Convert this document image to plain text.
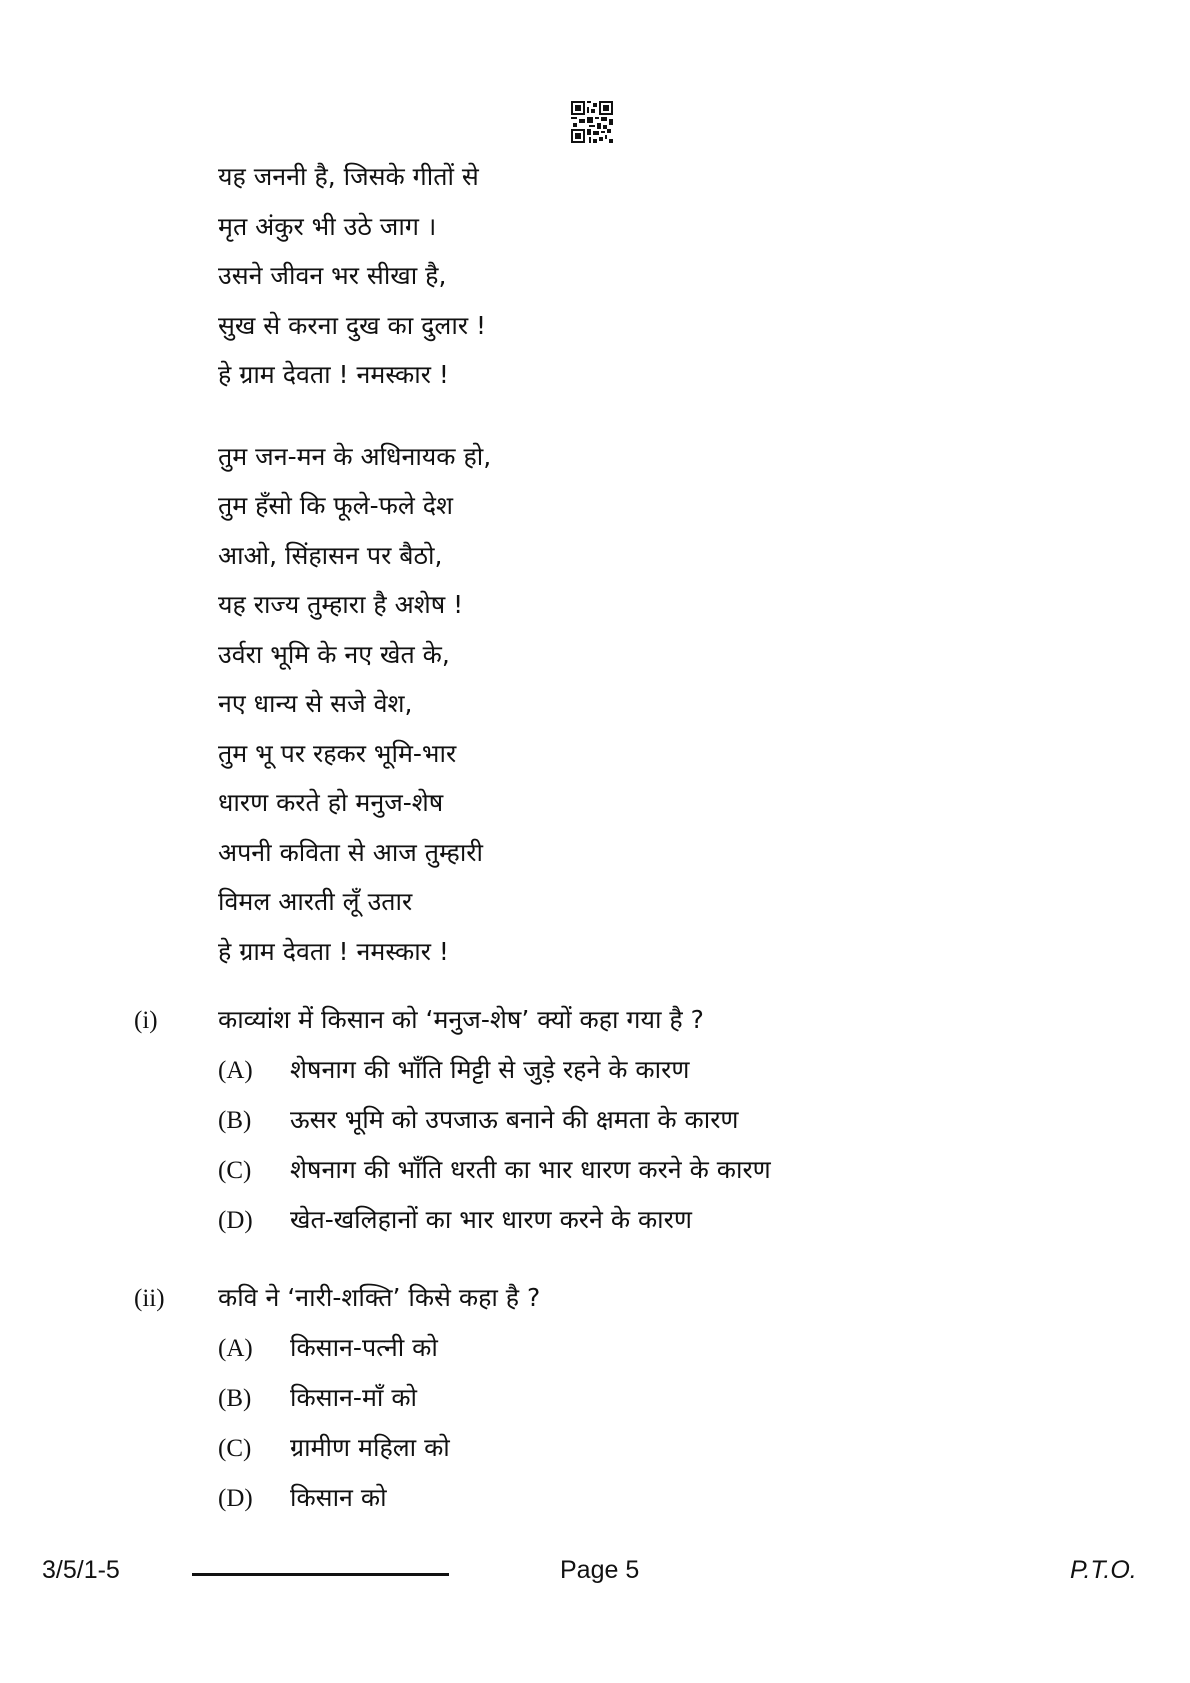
यह जननी है, जिसके गीतों से
मृत अंकुर भी उठे जाग ।
उसने जीवन भर सीखा है,
सुख से करना दुख का दुलार !
हे ग्राम देवता ! नमस्कार !
तुम जन-मन के अधिनायक हो,
तुम हँसो कि फूले-फले देश
आओ, सिंहासन पर बैठो,
यह राज्य तुम्हारा है अशेष !
उर्वरा भूमि के नए खेत के,
नए धान्य से सजे वेश,
तुम भू पर रहकर भूमि-भार
धारण करते हो मनुज-शेष
अपनी कविता से आज तुम्हारी
विमल आरती लूँ उतार
हे ग्राम देवता ! नमस्कार !
(i)	काव्यांश में किसान को ‘मनुज-शेष’ क्यों कहा गया है ?
(A)	शेषनाग की भाँति मिट्टी से जुड़े रहने के कारण
(B)	ऊसर भूमि को उपजाऊ बनाने की क्षमता के कारण
(C)	शेषनाग की भाँति धरती का भार धारण करने के कारण
(D)	खेत-खलिहानों का भार धारण करने के कारण
(ii)	कवि ने ‘नारी-शक्ति’ किसे कहा है ?
(A)	किसान-पत्नी को
(B)	किसान-माँ को
(C)	ग्रामीण महिला को
(D)	किसान को
3/5/1-5	Page 5	P.T.O.
